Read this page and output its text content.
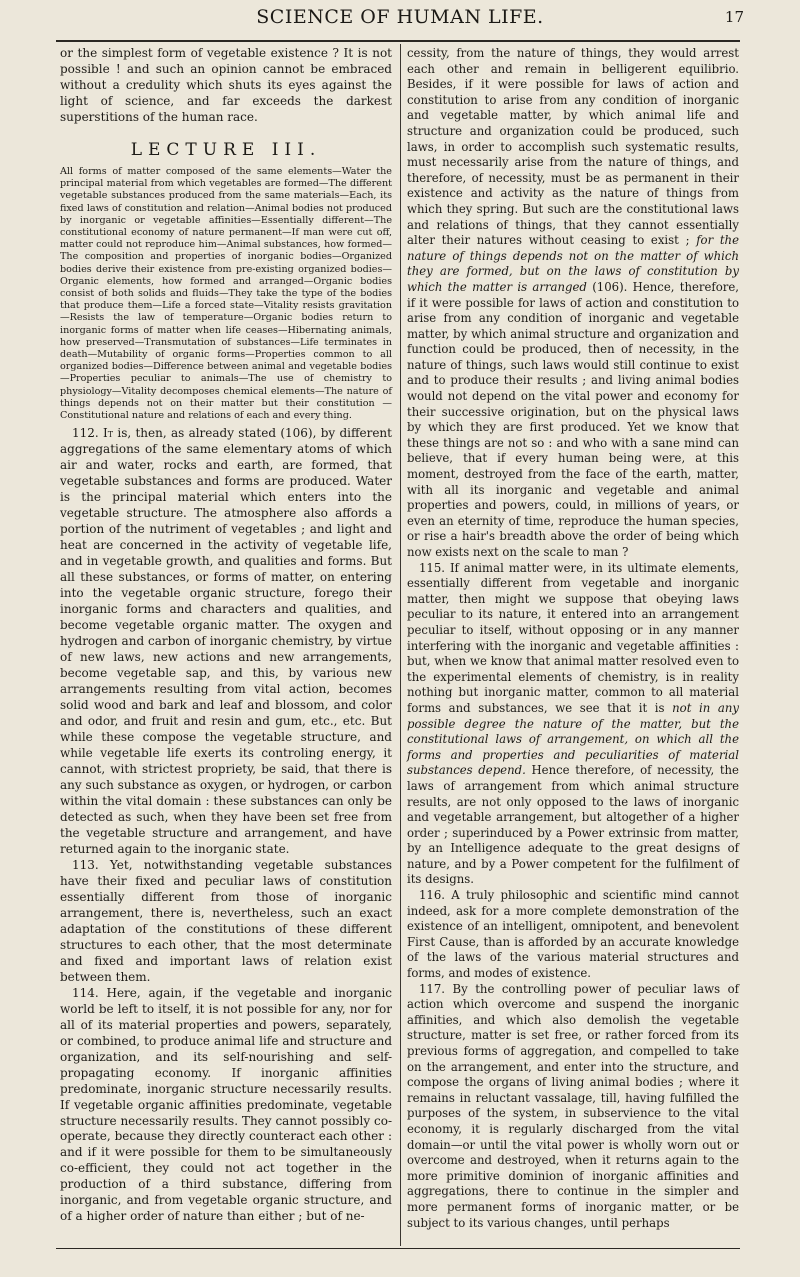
SCIENCE OF HUMAN LIFE.	17

or the simplest form of vegetable existence ? It is not possible ! and such an opinion cannot be embraced without a credulity which shuts its eyes against the light of science, and far exceeds the darkest superstitions of the human race.

LECTURE III.

All forms of matter composed of the same elements—Water the principal material from which vegetables are formed—The different vegetable substances produced from the same materials—Each, its fixed laws of constitution and relation—Animal bodies not produced by inorganic or vegetable affinities—Essentially different—The constitutional economy of nature permanent—If man were cut off, matter could not reproduce him—Animal substances, how formed—The composition and properties of inorganic bodies—Organized bodies derive their existence from pre-existing organized bodies—Organic elements, how formed and arranged—Organic bodies consist of both solids and fluids—They take the type of the bodies that produce them—Life a forced state—Vitality resists gravitation—Resists the law of temperature—Organic bodies return to inorganic forms of matter when life ceases—Hibernating animals, how preserved—Transmutation of substances—Life terminates in death—Mutability of organic forms—Properties common to all organized bodies—Difference between animal and vegetable bodies—Properties peculiar to animals—The use of chemistry to physiology—Vitality decomposes chemical elements—The nature of things depends not on their matter but their constitution — Constitutional nature and relations of each and every thing.

112. It is, then, as already stated (106), by different aggregations of the same elementary atoms of which air and water, rocks and earth, are formed, that vegetable substances and forms are produced. Water is the principal material which enters into the vegetable structure. The atmosphere also affords a portion of the nutriment of vegetables ; and light and heat are concerned in the activity of vegetable life, and in vegetable growth, and qualities and forms. But all these substances, or forms of matter, on entering into the vegetable organic structure, forego their inorganic forms and characters and qualities, and become vegetable organic matter. The oxygen and hydrogen and carbon of inorganic chemistry, by virtue of new laws, new actions and new arrangements, become vegetable sap, and this, by various new arrangements resulting from vital action, becomes solid wood and bark and leaf and blossom, and color and odor, and fruit and resin and gum, etc., etc. But while these compose the vegetable structure, and while vegetable life exerts its controling energy, it cannot, with strictest propriety, be said, that there is any such substance as oxygen, or hydrogen, or carbon within the vital domain : these substances can only be detected as such, when they have been set free from the vegetable structure and arrangement, and have returned again to the inorganic state.

113. Yet, notwithstanding vegetable substances have their fixed and peculiar laws of constitution essentially different from those of inorganic arrangement, there is, nevertheless, such an exact adaptation of the constitutions of these different structures to each other, that the most determinate and fixed and important laws of relation exist between them.

114. Here, again, if the vegetable and inorganic world be left to itself, it is not possible for any, nor for all of its material properties and powers, separately, or combined, to produce animal life and structure and organization, and its self-nourishing and self-propagating economy. If inorganic affinities predominate, inorganic structure necessarily results. If vegetable organic affinities predominate, vegetable structure necessarily results. They cannot possibly co-operate, because they directly counteract each other : and if it were possible for them to be simultaneously co-efficient, they could not act together in the production of a third substance, differing from inorganic, and from vegetable organic structure, and of a higher order of nature than either ; but of ne-

cessity, from the nature of things, they would arrest each other and remain in belligerent equilibrio. Besides, if it were possible for laws of action and constitution to arise from any condition of inorganic and vegetable matter, by which animal life and structure and organization could be produced, such laws, in order to accomplish such systematic results, must necessarily arise from the nature of things, and therefore, of necessity, must be as permanent in their existence and activity as the nature of things from which they spring. But such are the constitutional laws and relations of things, that they cannot essentially alter their natures without ceasing to exist ; for the nature of things depends not on the matter of which they are formed, but on the laws of constitution by which the matter is arranged (106). Hence, therefore, if it were possible for laws of action and constitution to arise from any condition of inorganic and vegetable matter, by which animal structure and organization and function could be produced, then of necessity, in the nature of things, such laws would still continue to exist and to produce their results ; and living animal bodies would not depend on the vital power and economy for their successive origination, but on the physical laws by which they are first produced. Yet we know that these things are not so : and who with a sane mind can believe, that if every human being were, at this moment, destroyed from the face of the earth, matter, with all its inorganic and vegetable and animal properties and powers, could, in millions of years, or even an eternity of time, reproduce the human species, or rise a hair's breadth above the order of being which now exists next on the scale to man ?

115. If animal matter were, in its ultimate elements, essentially different from vegetable and inorganic matter, then might we suppose that obeying laws peculiar to its nature, it entered into an arrangement peculiar to itself, without opposing or in any manner interfering with the inorganic and vegetable affinities : but, when we know that animal matter resolved even to the experimental elements of chemistry, is in reality nothing but inorganic matter, common to all material forms and substances, we see that it is not in any possible degree the nature of the matter, but the constitutional laws of arrangement, on which all the forms and properties and peculiarities of material substances depend. Hence therefore, of necessity, the laws of arrangement from which animal structure results, are not only opposed to the laws of inorganic and vegetable arrangement, but altogether of a higher order ; superinduced by a Power extrinsic from matter, by an Intelligence adequate to the great designs of nature, and by a Power competent for the fulfilment of its designs.

116. A truly philosophic and scientific mind cannot indeed, ask for a more complete demonstration of the existence of an intelligent, omnipotent, and benevolent First Cause, than is afforded by an accurate knowledge of the laws of the various material structures and forms, and modes of existence.

117. By the controlling power of peculiar laws of action which overcome and suspend the inorganic affinities, and which also demolish the vegetable structure, matter is set free, or rather forced from its previous forms of aggregation, and compelled to take on the arrangement, and enter into the structure, and compose the organs of living animal bodies ; where it remains in reluctant vassalage, till, having fulfilled the purposes of the system, in subservience to the vital economy, it is regularly discharged from the vital domain—or until the vital power is wholly worn out or overcome and destroyed, when it returns again to the more primitive dominion of inorganic affinities and aggregations, there to continue in the simpler and more permanent forms of inorganic matter, or be subject to its various changes, until perhaps
